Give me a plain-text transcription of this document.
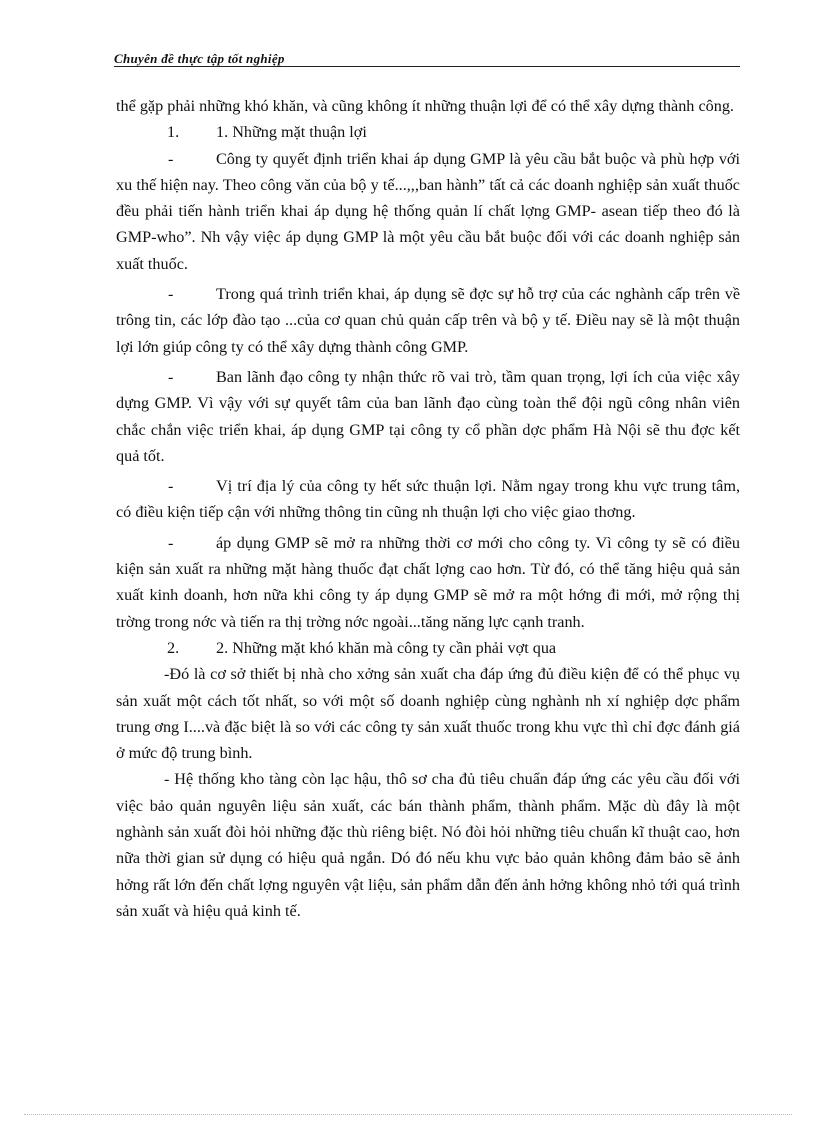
Chuyên đề thực tập tốt nghiệp

thể gặp phải những khó khăn, và cũng không ít những thuận lợi để có thể xây dựng thành công.

1.	1. Những mặt thuận lợi

-	Công ty quyết định triển khai áp dụng GMP là yêu cầu bắt buộc và phù hợp với xu thế hiện nay. Theo công văn của bộ y tế...,,,ban hành” tất cả các doanh nghiệp sản xuất thuốc đều phải tiến hành triển khai áp dụng hệ thống quản lí chất lợng GMP- asean tiếp theo đó là GMP-who”. Nh vậy việc áp dụng GMP là một yêu cầu bắt buộc đối với các doanh nghiệp sản xuất thuốc.

-	Trong quá trình triển khai, áp dụng sẽ đợc sự hỗ trợ của các nghành cấp trên về trông tin, các lớp đào tạo ...của cơ quan chủ quản cấp trên và bộ y tế. Điều nay sẽ là một thuận lợi lớn giúp công ty có thể xây dựng thành công GMP.

-	Ban lãnh đạo công ty nhận thức rõ vai trò, tầm quan trọng, lợi ích của việc xây dựng GMP. Vì vậy với sự quyết tâm của ban lãnh đạo cùng toàn thể đội ngũ công nhân viên chắc chắn việc triển khai, áp dụng GMP tại công ty cổ phần dợc phẩm Hà Nội sẽ thu đợc kết quả tốt.

-	Vị trí địa lý của công ty hết sức thuận lợi. Nằm ngay trong khu vực trung tâm, có điều kiện tiếp cận với những thông tin cũng nh thuận lợi cho việc giao thơng.

-	áp dụng GMP sẽ mở ra những thời cơ mới cho công ty. Vì công ty sẽ có điều kiện sản xuất ra những mặt hàng thuốc đạt chất lợng cao hơn. Từ đó, có thể tăng hiệu quả sản xuất kinh doanh, hơn nữa khi công ty áp dụng GMP sẽ mở ra một hớng đi mới, mở rộng thị trờng trong nớc và tiến ra thị trờng nớc ngoài...tăng năng lực cạnh tranh.

2.	2. Những mặt khó khăn mà công ty cần phải vợt qua

-Đó là cơ sở thiết bị nhà cho xởng sản xuất cha đáp ứng đủ điều kiện để có thể phục vụ sản xuất một cách tốt nhất, so với một số doanh nghiệp cùng nghành nh xí nghiệp dợc phẩm trung ơng I....và đặc biệt là so với các công ty sản xuất thuốc trong khu vực thì chỉ đợc đánh giá ở mức độ trung bình.

- Hệ thống kho tàng còn lạc hậu, thô sơ cha đủ tiêu chuẩn đáp ứng các yêu cầu đối với việc bảo quản nguyên liệu sản xuất, các bán thành phẩm, thành phẩm. Mặc dù đây là một nghành sản xuất đòi hỏi những đặc thù riêng biệt. Nó đòi hỏi những tiêu chuẩn kĩ thuật cao, hơn nữa thời gian sử dụng có hiệu quả ngắn. Dó đó nếu khu vực bảo quản không đảm bảo sẽ ảnh hởng rất lớn đến chất lợng nguyên vật liệu, sản phẩm dẫn đến ảnh hởng không nhỏ tới quá trình sản xuất và hiệu quả kinh tế.
